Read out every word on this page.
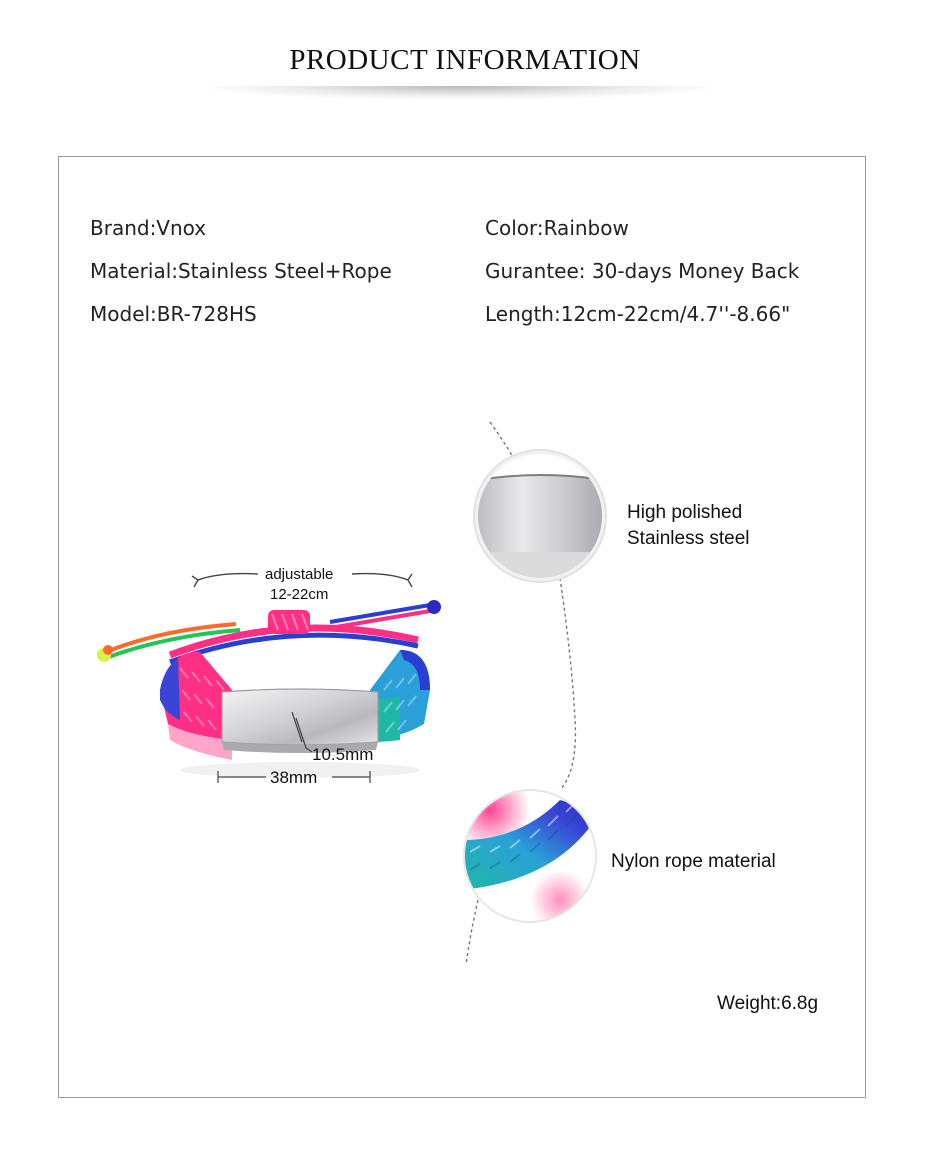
PRODUCT INFORMATION
Brand:Vnox
Material:Stainless Steel+Rope
Model:BR-728HS
Color:Rainbow
Gurantee: 30-days Money Back
Length:12cm-22cm/4.7''-8.66"
adjustable
12-22cm
10.5mm
38mm
High polished
Stainless steel
Nylon rope material
Weight:6.8g
